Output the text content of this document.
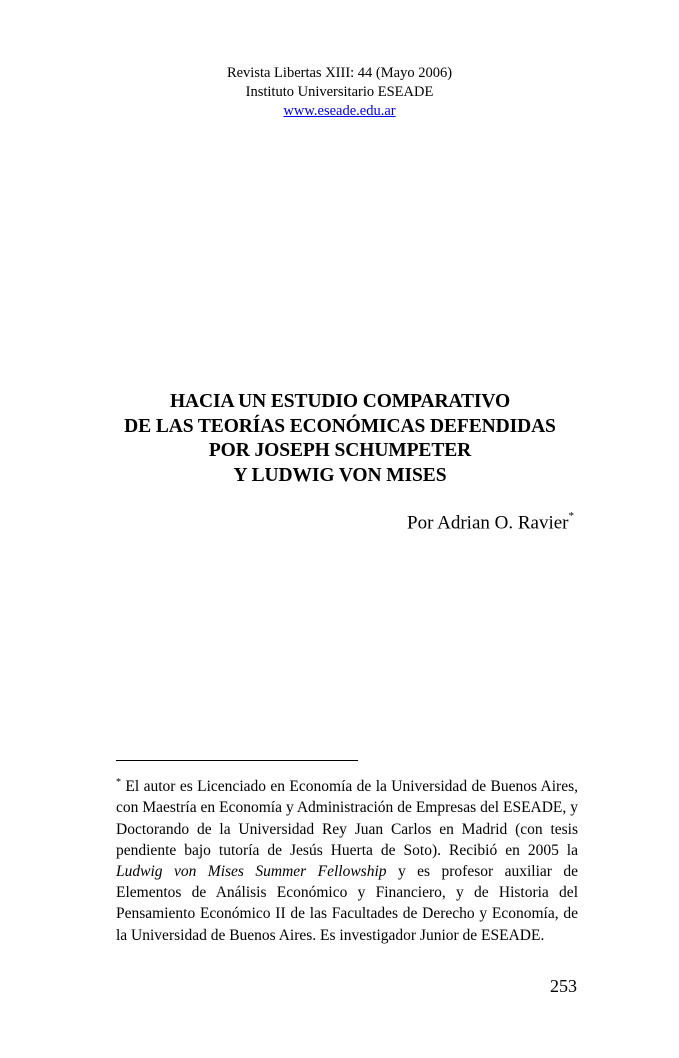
Revista Libertas XIII: 44 (Mayo 2006)
Instituto Universitario ESEADE
www.eseade.edu.ar
HACIA UN ESTUDIO COMPARATIVO
DE LAS TEORÍAS ECONÓMICAS DEFENDIDAS
POR JOSEPH SCHUMPETER
Y LUDWIG VON MISES
Por Adrian O. Ravier*
* El autor es Licenciado en Economía de la Universidad de Buenos Aires, con Maestría en Economía y Administración de Empresas del ESEADE, y Doctorando de la Universidad Rey Juan Carlos en Madrid (con tesis pendiente bajo tutoría de Jesús Huerta de Soto). Recibió en 2005 la Ludwig von Mises Summer Fellowship y es profesor auxiliar de Elementos de Análisis Económico y Financiero, y de Historia del Pensamiento Económico II de las Facultades de Derecho y Economía, de la Universidad de Buenos Aires. Es investigador Junior de ESEADE.
253
